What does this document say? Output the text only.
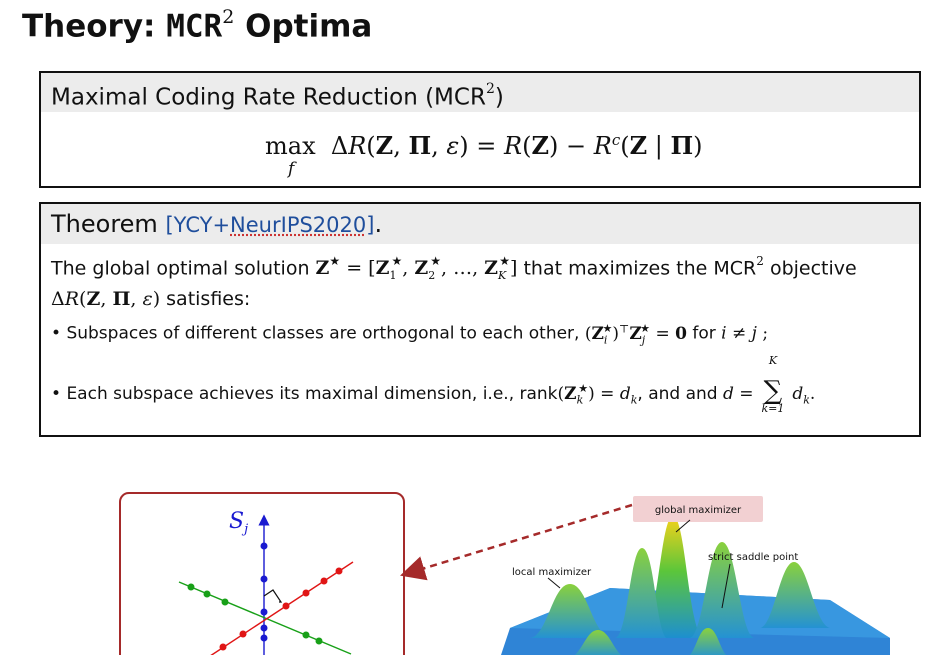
Theory: MCR$^2$ Optima
Maximal Coding Rate Reduction (MCR$^2$)
max
f
ΔR(Z, Π, $\varepsilon) = R(Z) - R^c(Z$ | Π)
Theorem [YCY+NeurIPS2020].
The global optimal solution $Z^★ = [Z_1^★$, $Z_2^★$, …, $Z_K^★$] that maximizes the MCR$^2$ objective
ΔR(Z, Π, ε) satisfies:
• Subspaces of different classes are orthogonal to each other, $(Z_i^★)^⊤Z_j^★ = 0$ for i ≠ j ;
• Each subspace achieves its maximal dimension, i.e., $rank(Z_k^★) = d_k$, and and d =
K
∑
k=1
$d_k$.
$S_j$
global maximizer
local maximizer
strict saddle point
